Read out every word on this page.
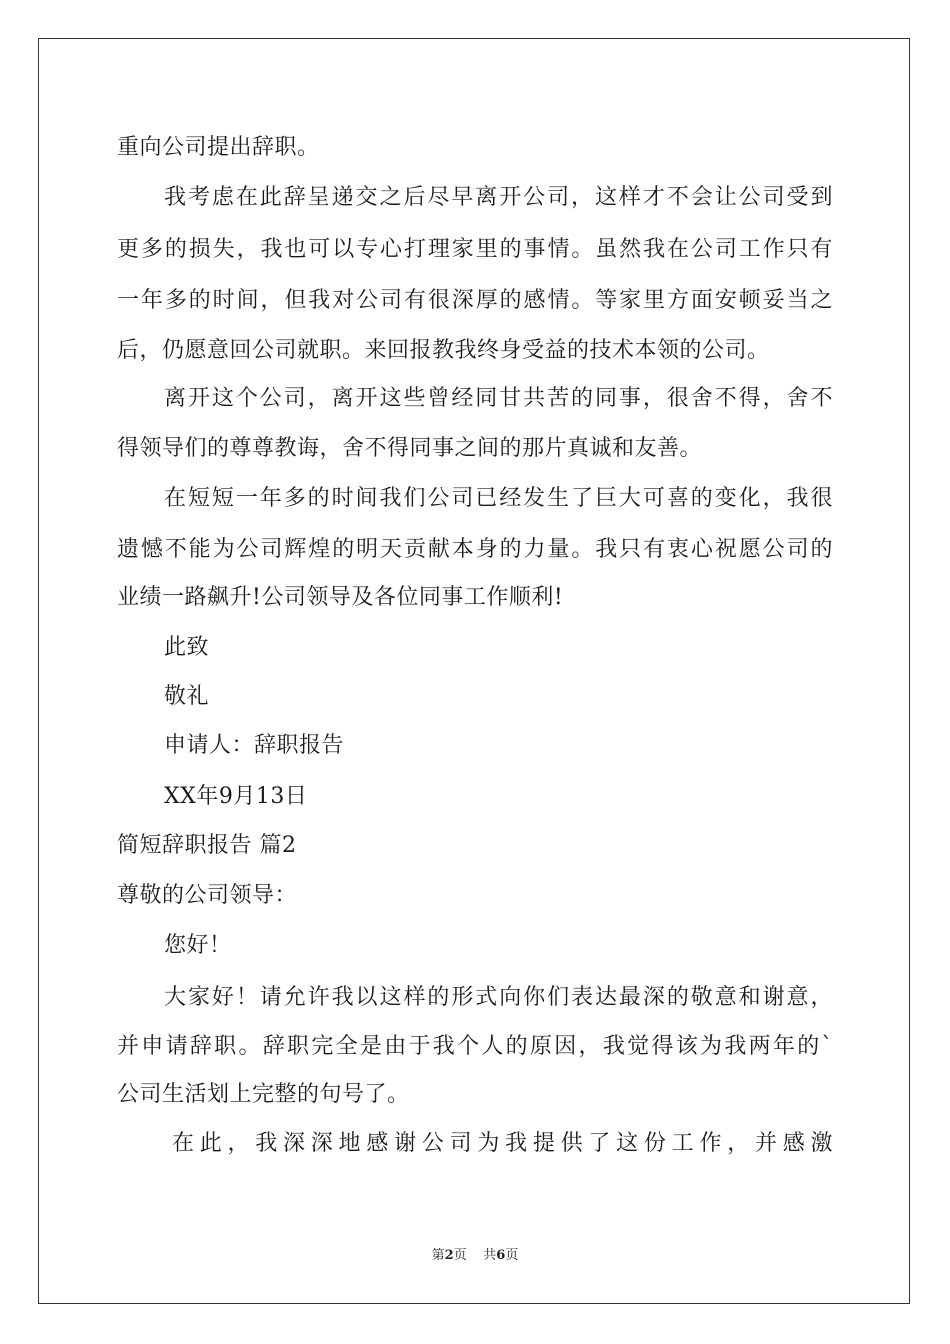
重向公司提出辞职。
我考虑在此辞呈递交之后尽早离开公司，这样才不会让公司受到
更多的损失，我也可以专心打理家里的事情。虽然我在公司工作只有
一年多的时间，但我对公司有很深厚的感情。等家里方面安顿妥当之
后，仍愿意回公司就职。来回报教我终身受益的技术本领的公司。
离开这个公司，离开这些曾经同甘共苦的同事，很舍不得，舍不
得领导们的尊尊教诲，舍不得同事之间的那片真诚和友善。
在短短一年多的时间我们公司已经发生了巨大可喜的变化，我很
遗憾不能为公司辉煌的明天贡献本身的力量。我只有衷心祝愿公司的
业绩一路飙升!公司领导及各位同事工作顺利!
此致
敬礼
申请人：辞职报告
XX年9月13日
简短辞职报告 篇2
尊敬的公司领导：
您好！
大家好！请允许我以这样的形式向你们表达最深的敬意和谢意，
并申请辞职。辞职完全是由于我个人的原因，我觉得该为我两年的`
公司生活划上完整的句号了。
在此，我深深地感谢公司为我提供了这份工作，并感激
第2页 共6页
